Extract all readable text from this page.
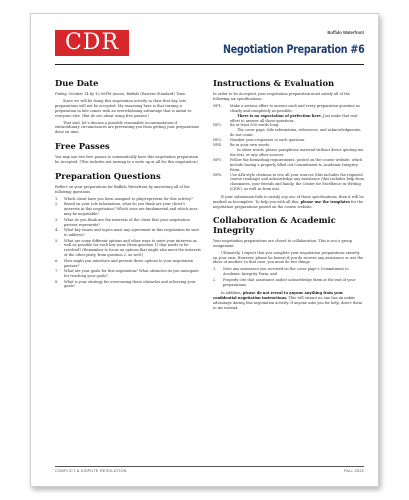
CDR	Buffalo Waterfront
Negotiation Preparation #6
Due Date

Friday, October 14 by 12:00PM (noon), Buffalo (Eastern Standard) Time.

Since we will be doing this negotiation activity in class that day, late preparations will not be accepted. My reasoning here is that turning a preparation in late comes with an overwhelming advantage that is unfair to everyone else. (But do see about using free passes!)

That said, let’s discuss a possible reasonable accommodation if extraordinary circumstances are preventing you from getting your preparations done on time.

Free Passes

You may use two free passes to automatically have this negotiation preparation be Accepted. (This includes not turning in a write up at all for this negotiation.)

Preparation Questions

Reflect on your preparations for Buffalo Waterfront by answering all of the following questions.

1.	Which client have you been assigned to play/represent for this activity?
2.	Based on your role information, what do you think are your client’s interests in this negotiation? Which ones are fundamental and which ones may be negotiable?
3.	What do you think are the interests of the client that your negotiation partner represents?
4.	What key issues and topics must any agreement in this negotiation be sure to address?
5.	What are some different options and other ways to meet your interests as well as possible for each key issue (from question 1) that needs to be resolved? (Remember to focus on options that might also meet the interests of the other party, from question 2, as well.)
6.	How might you introduce and present these options to your negotiation partner?
7.	What are your goals for this negotiation? What obstacles do you anticipate for reaching your goals?
8.	What is your strategy for overcoming those obstacles and achieving your goals?
Instructions & Evaluation

In order to be Accepted, your negotiation preparation must satisfy all of the following six specifications:

NP1:	Make a serious effort to answer each and every preparation question as clearly and completely as possible.
There is no expectation of perfection here. Just make that real effort to answer all those questions.
NP2:	Be at least 500 words long.
The cover page, title information, references, and acknowledgments, do not count.
NP3:	Number your responses to each question.
NP4:	Be in your own words.
In other words, please paraphrase material without direct quoting me, the text, or any other sources.
NP5:	Follow the formatting requirements, posted on the course website, which include having a properly filled out Commitment to Academic Integrity Form.
NP6:	Use APA-style citations to cite all your sources (this includes the required course readings) and acknowledge any assistance (this includes help from classmates, your friends and family, the Center for Excellence in Writing (CEW), as well as from me).

If your submission fails to satisfy any one of those specifications, then it will be marked as Incomplete. To help you with all this, please use the templates for the negotiation preparations posted on the course website.

Collaboration & Academic Integrity

Your negotiation preparations are closed to collaboration. This is not a group assignment.

Ultimately, I expect that you complete your negotiation preparations entirely on your own. However, please be honest if you do receive any assistance or use the ideas of another. In that case, you must do two things:

1.	Note any assistance you received on the cover page’s Commitment to Academic Integrity Form, and
2.	Properly cite that assistance and/or acknowledge them at the end of your preparations.

In addition, please do not reveal to anyone anything from your confidential negotiation instructions. This will ensure no one has an unfair advantage during this negotiation activity. If anyone asks you for help, direct them to me instead.

CONFLICT & DISPUTE RESOLUTION	FALL 2022
